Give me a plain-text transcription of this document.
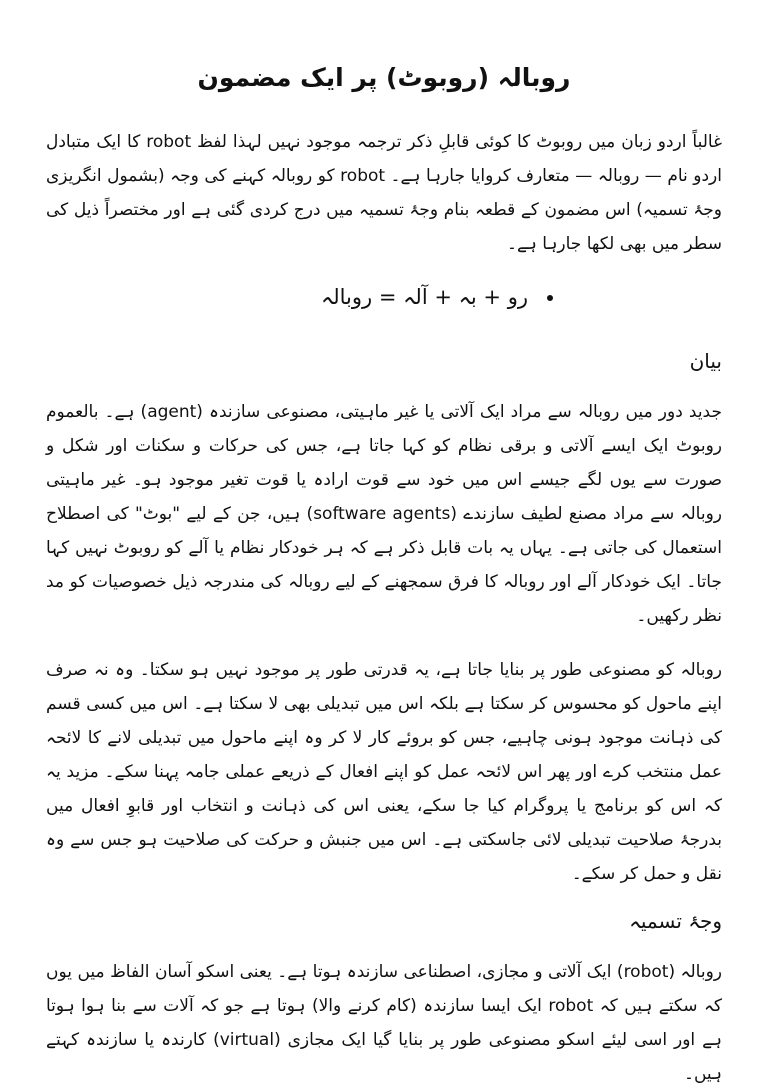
روبالہ (روبوٹ) پر ایک مضمون

غالباً اردو زبان میں روبوٹ کا کوئی قابلِ ذکر ترجمہ موجود نہیں لہذا لفظ robot کا ایک متبادل اردو نام — روبالہ — متعارف کروایا جارہا ہے۔ robot کو روبالہ کہنے کی وجہ (بشمول انگریزی وجۂ تسمیہ) اس مضمون کے قطعہ بنام وجۂ تسمیہ میں درج کردی گئی ہے اور مختصراً ذیل کی سطر میں بھی لکھا جارہا ہے۔

• رو + بہ + آلہ = روبالہ
بیان

جدید دور میں روبالہ سے مراد ایک آلاتی یا غیر ماہیتی، مصنوعی سازندہ (agent) ہے۔ بالعموم روبوٹ ایک ایسے آلاتی و برقی نظام کو کہا جاتا ہے، جس کی حرکات و سکنات اور شکل و صورت سے یوں لگے جیسے اس میں خود سے قوت ارادہ یا قوت تغیر موجود ہو۔ غیر ماہیتی روبالہ سے مراد مصنع لطیف سازندے (software agents) ہیں، جن کے لیے "بوٹ" کی اصطلاح استعمال کی جاتی ہے۔ یہاں یہ بات قابل ذکر ہے کہ ہر خودکار نظام یا آلے کو روبوٹ نہیں کہا جاتا۔ ایک خودکار آلے اور روبالہ کا فرق سمجھنے کے لیے روبالہ کی مندرجہ ذیل خصوصیات کو مد نظر رکھیں۔

روبالہ کو مصنوعی طور پر بنایا جاتا ہے، یہ قدرتی طور پر موجود نہیں ہو سکتا۔ وہ نہ صرف اپنے ماحول کو محسوس کر سکتا ہے بلکہ اس میں تبدیلی بھی لا سکتا ہے۔ اس میں کسی قسم کی ذہانت موجود ہونی چاہیے، جس کو بروئے کار لا کر وہ اپنے ماحول میں تبدیلی لانے کا لائحہ عمل منتخب کرے اور پھر اس لائحہ عمل کو اپنے افعال کے ذریعے عملی جامہ پہنا سکے۔ مزید یہ کہ اس کو برنامج یا پروگرام کیا جا سکے، یعنی اس کی ذہانت و انتخاب اور قابوِ افعال میں بدرجۂ صلاحیت تبدیلی لائی جاسکتی ہے۔ اس میں جنبش و حرکت کی صلاحیت ہو جس سے وہ نقل و حمل کر سکے۔

وجۂ تسمیہ

روبالہ (robot) ایک آلاتی و مجازی، اصطناعی سازندہ ہوتا ہے۔ یعنی اسکو آسان الفاظ میں یوں کہ سکتے ہیں کہ robot ایک ایسا سازندہ (کام کرنے والا) ہوتا ہے جو کہ آلات سے بنا ہوا ہوتا ہے اور اسی لیئے اسکو مصنوعی طور پر بنایا گیا ایک مجازی (virtual) کارندہ یا سازندہ کہتے ہیں۔
